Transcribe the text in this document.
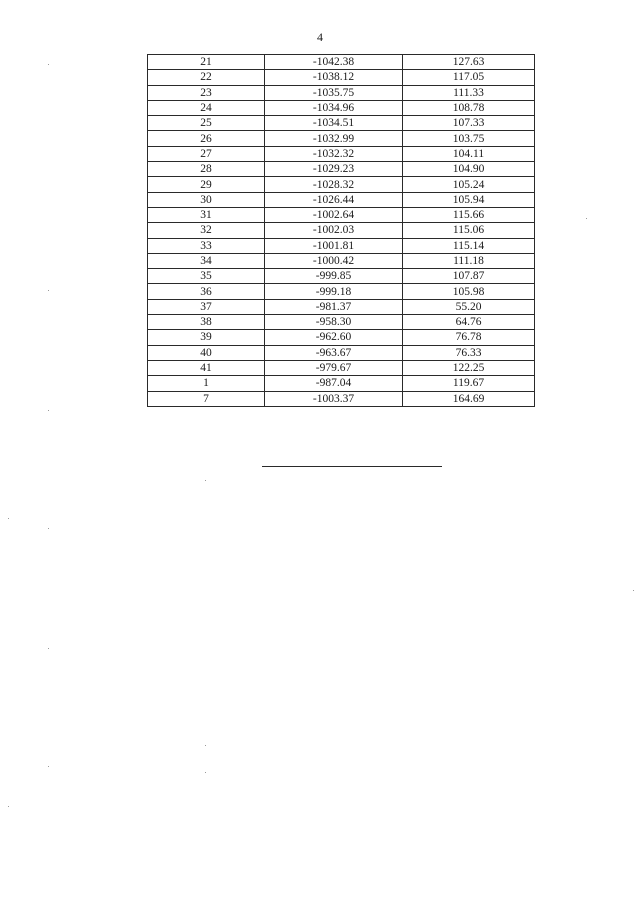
4
21	-1042.38	127.63
22	-1038.12	117.05
23	-1035.75	111.33
24	-1034.96	108.78
25	-1034.51	107.33
26	-1032.99	103.75
27	-1032.32	104.11
28	-1029.23	104.90
29	-1028.32	105.24
30	-1026.44	105.94
31	-1002.64	115.66
32	-1002.03	115.06
33	-1001.81	115.14
34	-1000.42	111.18
35	-999.85	107.87
36	-999.18	105.98
37	-981.37	55.20
38	-958.30	64.76
39	-962.60	76.78
40	-963.67	76.33
41	-979.67	122.25
1	-987.04	119.67
7	-1003.37	164.69
